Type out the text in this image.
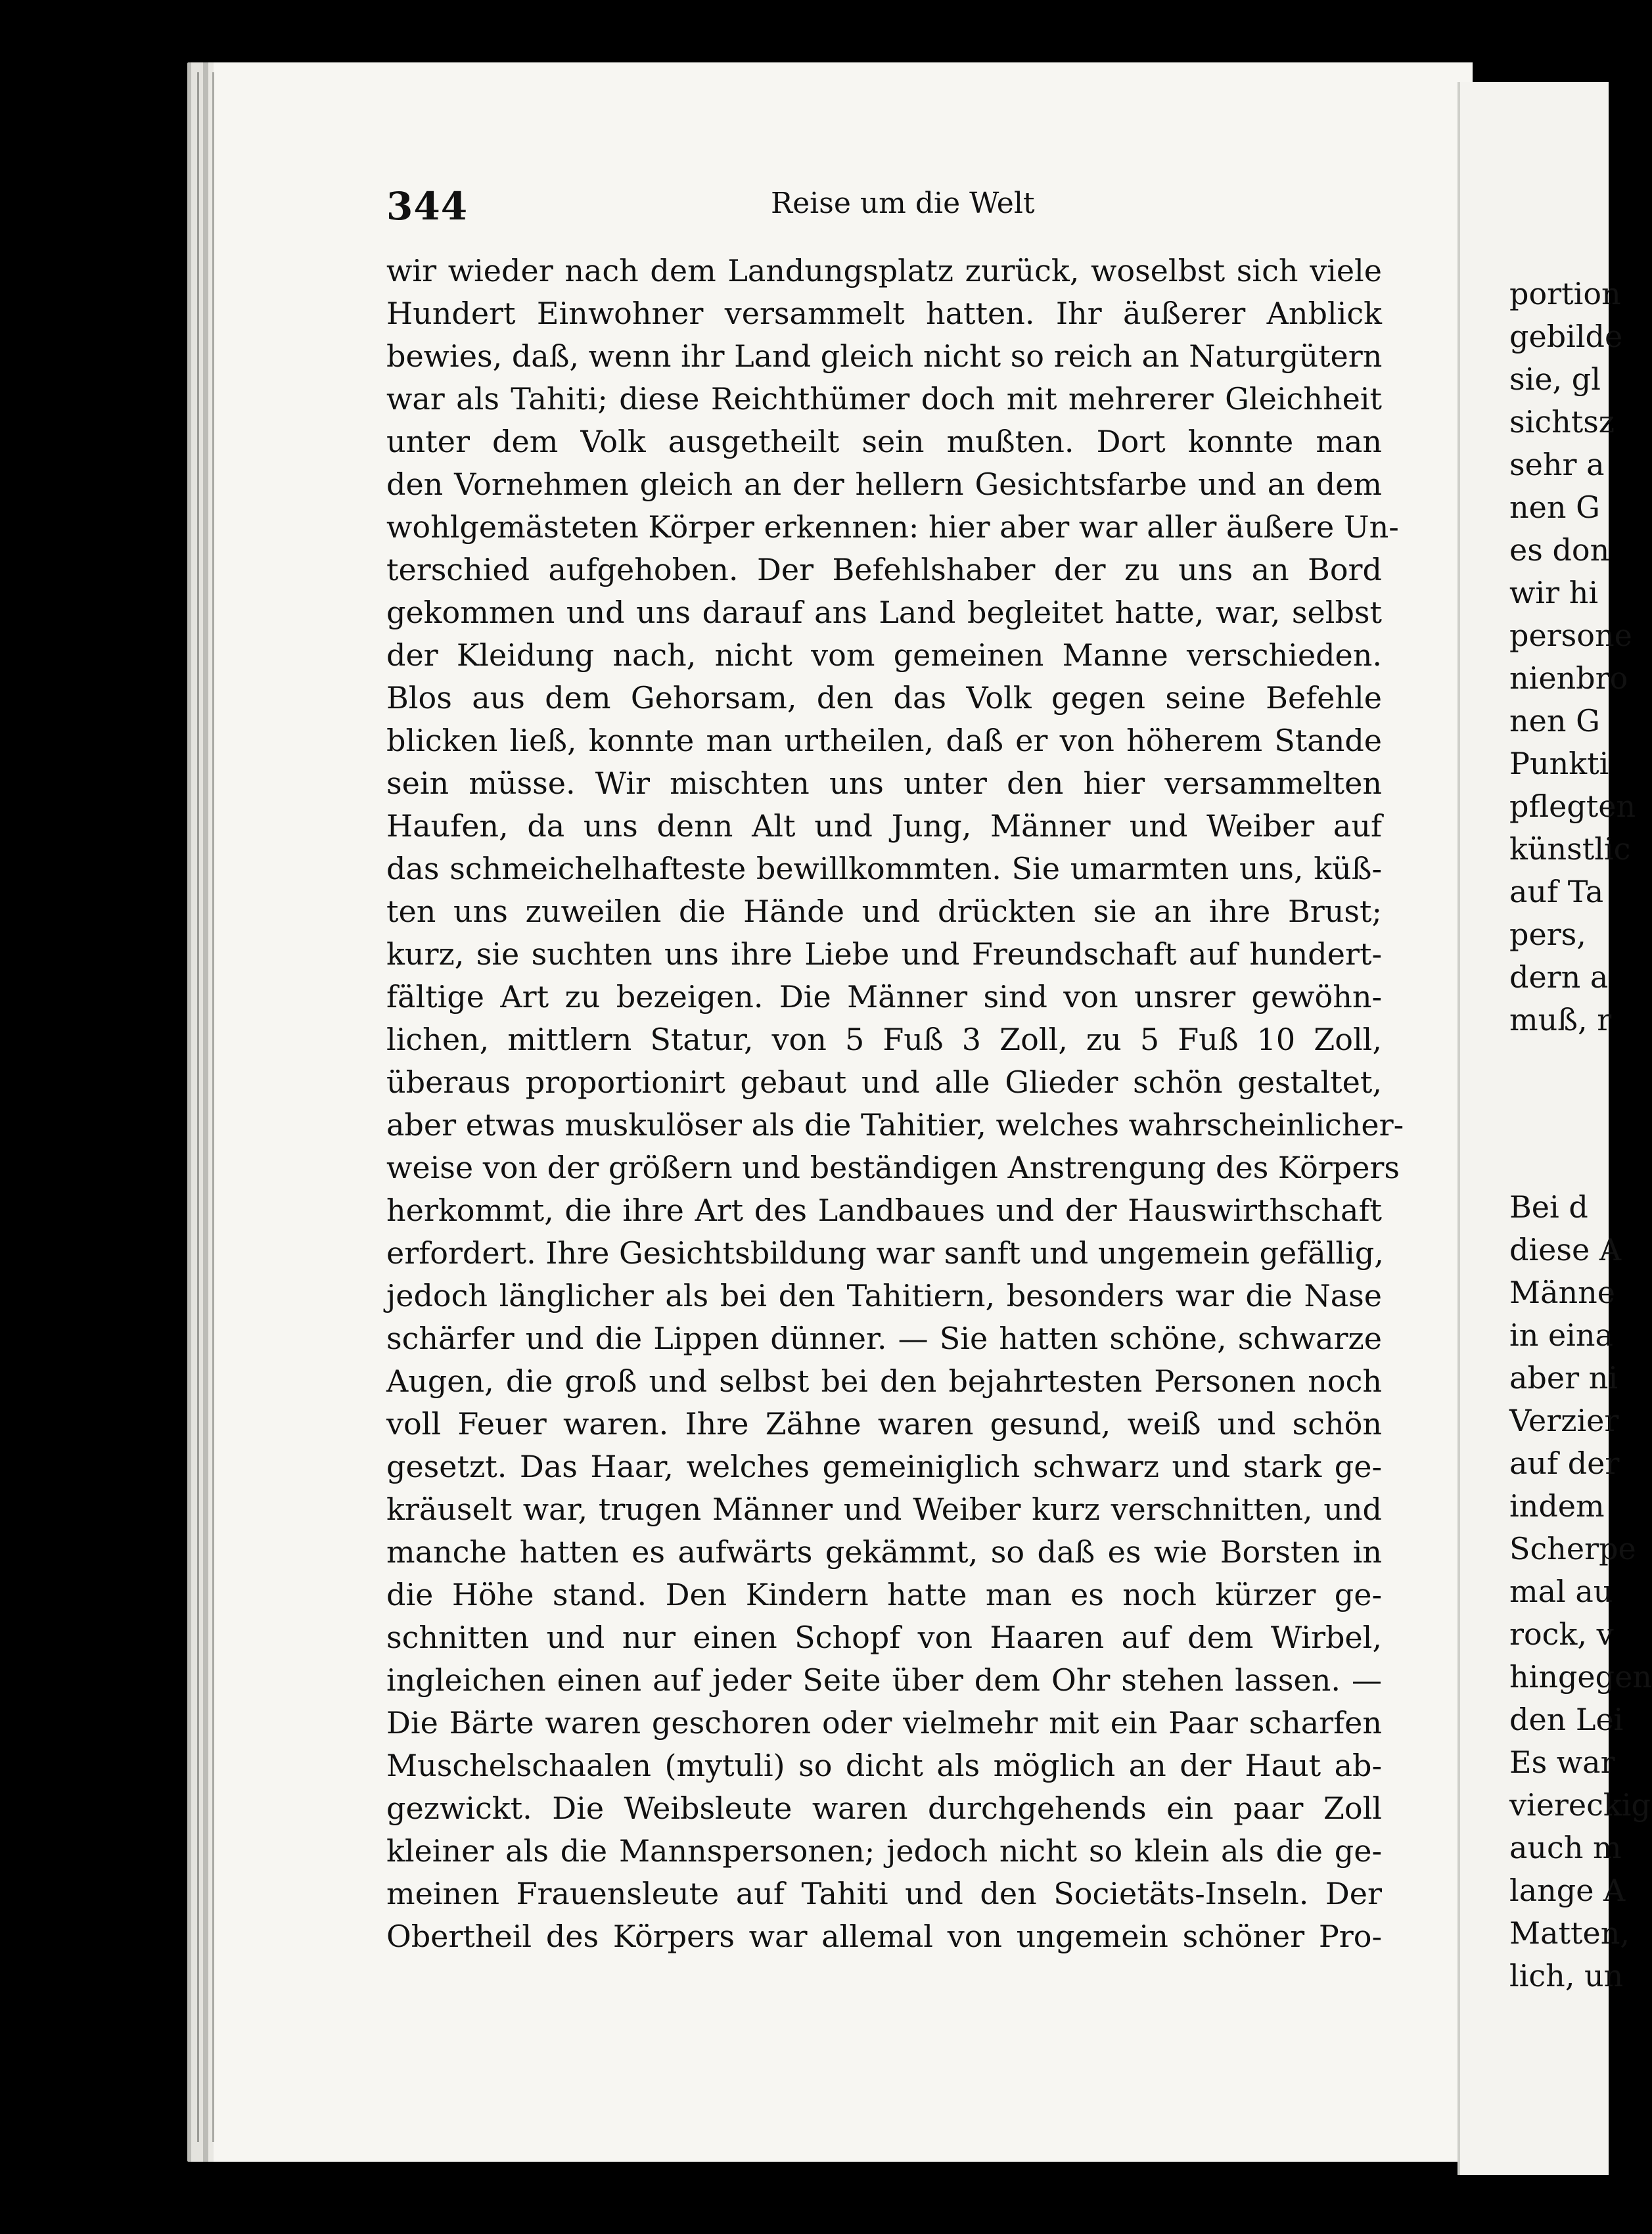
344	Reise um die Welt
wir wieder nach dem Landungsplatz zurück, woselbst sich viele
Hundert Einwohner versammelt hatten. Ihr äußerer Anblick
bewies, daß, wenn ihr Land gleich nicht so reich an Naturgütern
war als Tahiti; diese Reichthümer doch mit mehrerer Gleichheit
unter dem Volk ausgetheilt sein mußten. Dort konnte man
den Vornehmen gleich an der hellern Gesichtsfarbe und an dem
wohlgemästeten Körper erkennen: hier aber war aller äußere Un-
terschied aufgehoben. Der Befehlshaber der zu uns an Bord
gekommen und uns darauf ans Land begleitet hatte, war, selbst
der Kleidung nach, nicht vom gemeinen Manne verschieden.
Blos aus dem Gehorsam, den das Volk gegen seine Befehle
blicken ließ, konnte man urtheilen, daß er von höherem Stande
sein müsse. Wir mischten uns unter den hier versammelten
Haufen, da uns denn Alt und Jung, Männer und Weiber auf
das schmeichelhafteste bewillkommten. Sie umarmten uns, küß-
ten uns zuweilen die Hände und drückten sie an ihre Brust;
kurz, sie suchten uns ihre Liebe und Freundschaft auf hundert-
fältige Art zu bezeigen. Die Männer sind von unsrer gewöhn-
lichen, mittlern Statur, von 5 Fuß 3 Zoll, zu 5 Fuß 10 Zoll,
überaus proportionirt gebaut und alle Glieder schön gestaltet,
aber etwas muskulöser als die Tahitier, welches wahrscheinlicher-
weise von der größern und beständigen Anstrengung des Körpers
herkommt, die ihre Art des Landbaues und der Hauswirthschaft
erfordert. Ihre Gesichtsbildung war sanft und ungemein gefällig,
jedoch länglicher als bei den Tahitiern, besonders war die Nase
schärfer und die Lippen dünner. — Sie hatten schöne, schwarze
Augen, die groß und selbst bei den bejahrtesten Personen noch
voll Feuer waren. Ihre Zähne waren gesund, weiß und schön
gesetzt. Das Haar, welches gemeiniglich schwarz und stark ge-
kräuselt war, trugen Männer und Weiber kurz verschnitten, und
manche hatten es aufwärts gekämmt, so daß es wie Borsten in
die Höhe stand. Den Kindern hatte man es noch kürzer ge-
schnitten und nur einen Schopf von Haaren auf dem Wirbel,
ingleichen einen auf jeder Seite über dem Ohr stehen lassen. —
Die Bärte waren geschoren oder vielmehr mit ein Paar scharfen
Muschelschaalen (mytuli) so dicht als möglich an der Haut ab-
gezwickt. Die Weibsleute waren durchgehends ein paar Zoll
kleiner als die Mannspersonen; jedoch nicht so klein als die ge-
meinen Frauensleute auf Tahiti und den Societäts-Inseln. Der
Obertheil des Körpers war allemal von ungemein schöner Pro-
portion
gebilde
sie, gl
sichtsz
sehr a
nen G
es don
wir hi
persone
nienbro
nen G
Punkti
pflegten
künstlic
auf Ta
pers,
dern a
muß, r
Bei d
diese A
Männe
in eina
aber ni
Verzier
auf der
indem
Scherpe
mal au
rock, v
hingegen
den Lei
Es war
viereckig
auch m
lange A
Matten,
lich, un
